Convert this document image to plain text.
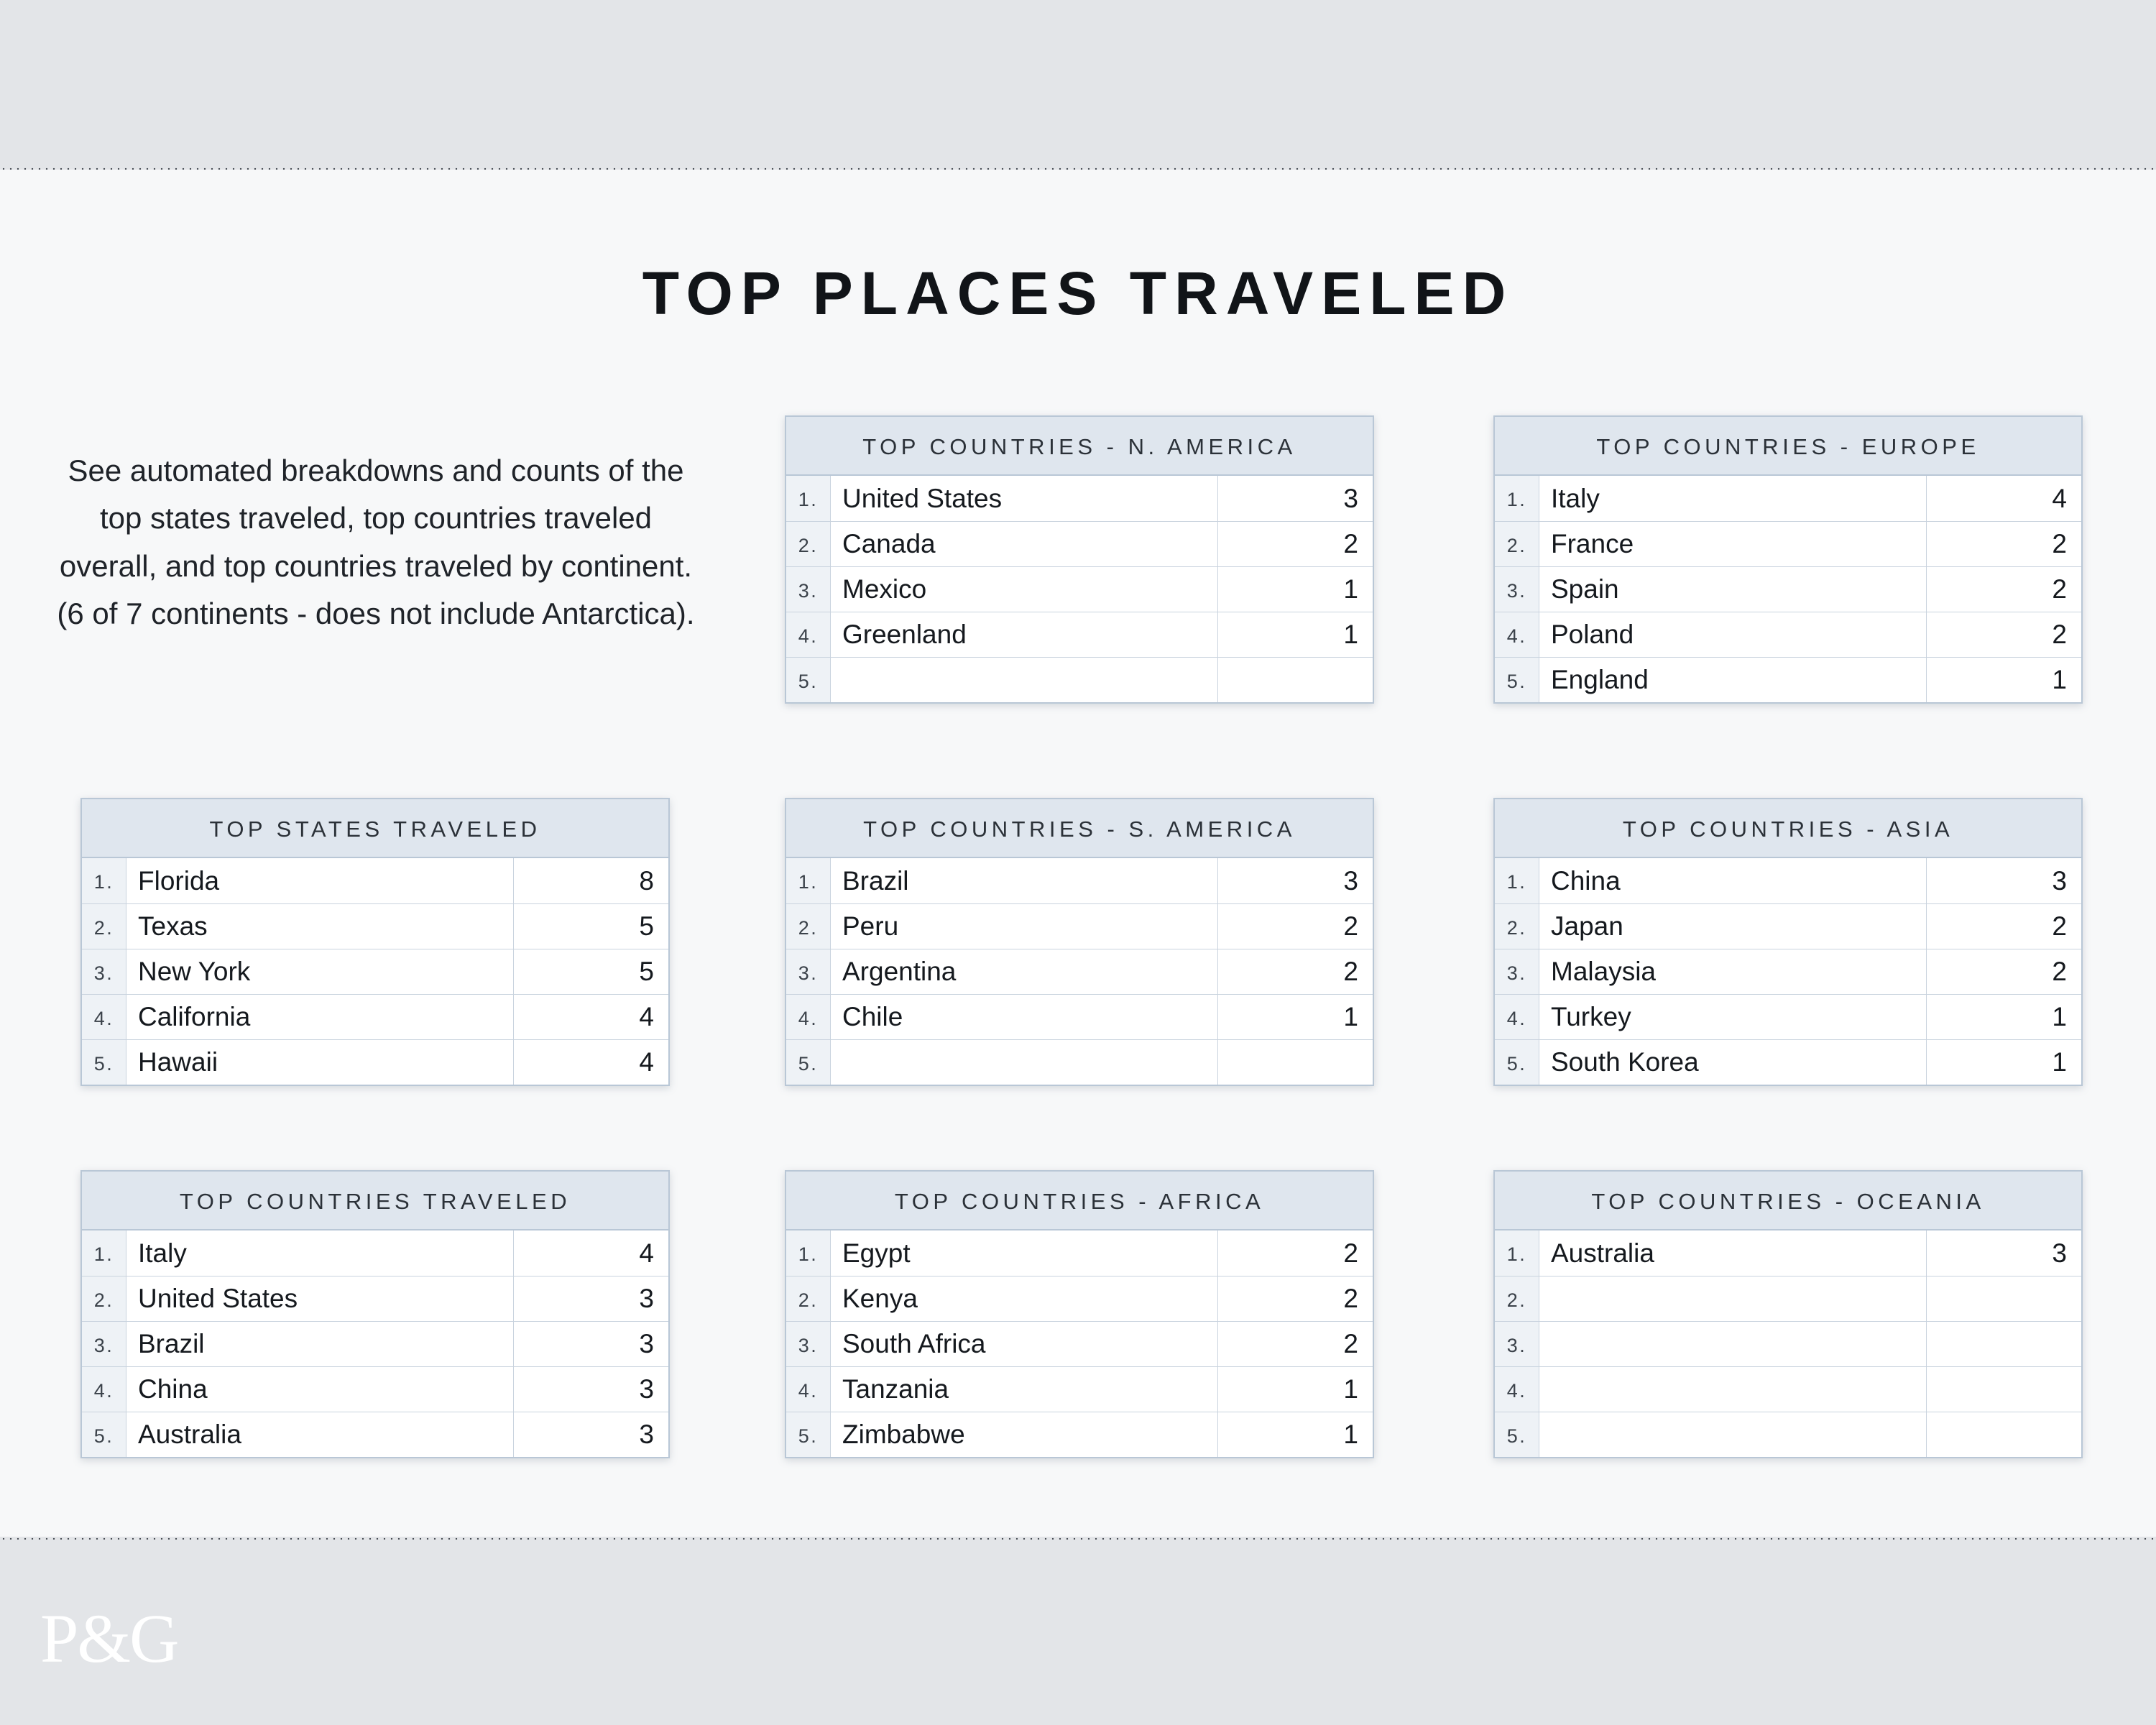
P&G
TOP PLACES TRAVELED
See automated breakdowns and counts of the top states traveled, top countries traveled overall, and top countries traveled by continent. (6 of 7 continents - does not include Antarctica).
TOP STATES TRAVELED
1. Florida	8
2. Texas	5
3. New York	5
4. California	4
5. Hawaii	4
TOP COUNTRIES TRAVELED
1. Italy	4
2. United States	3
3. Brazil	3
4. China	3
5. Australia	3
TOP COUNTRIES - N. AMERICA
1. United States	3
2. Canada	2
3. Mexico	1
4. Greenland	1
5.
TOP COUNTRIES - S. AMERICA
1. Brazil	3
2. Peru	2
3. Argentina	2
4. Chile	1
5.
TOP COUNTRIES - AFRICA
1. Egypt	2
2. Kenya	2
3. South Africa	2
4. Tanzania	1
5. Zimbabwe	1
TOP COUNTRIES - EUROPE
1. Italy	4
2. France	2
3. Spain	2
4. Poland	2
5. England	1
TOP COUNTRIES - ASIA
1. China	3
2. Japan	2
3. Malaysia	2
4. Turkey	1
5. South Korea	1
TOP COUNTRIES - OCEANIA
1. Australia	3
2.
3.
4.
5.
